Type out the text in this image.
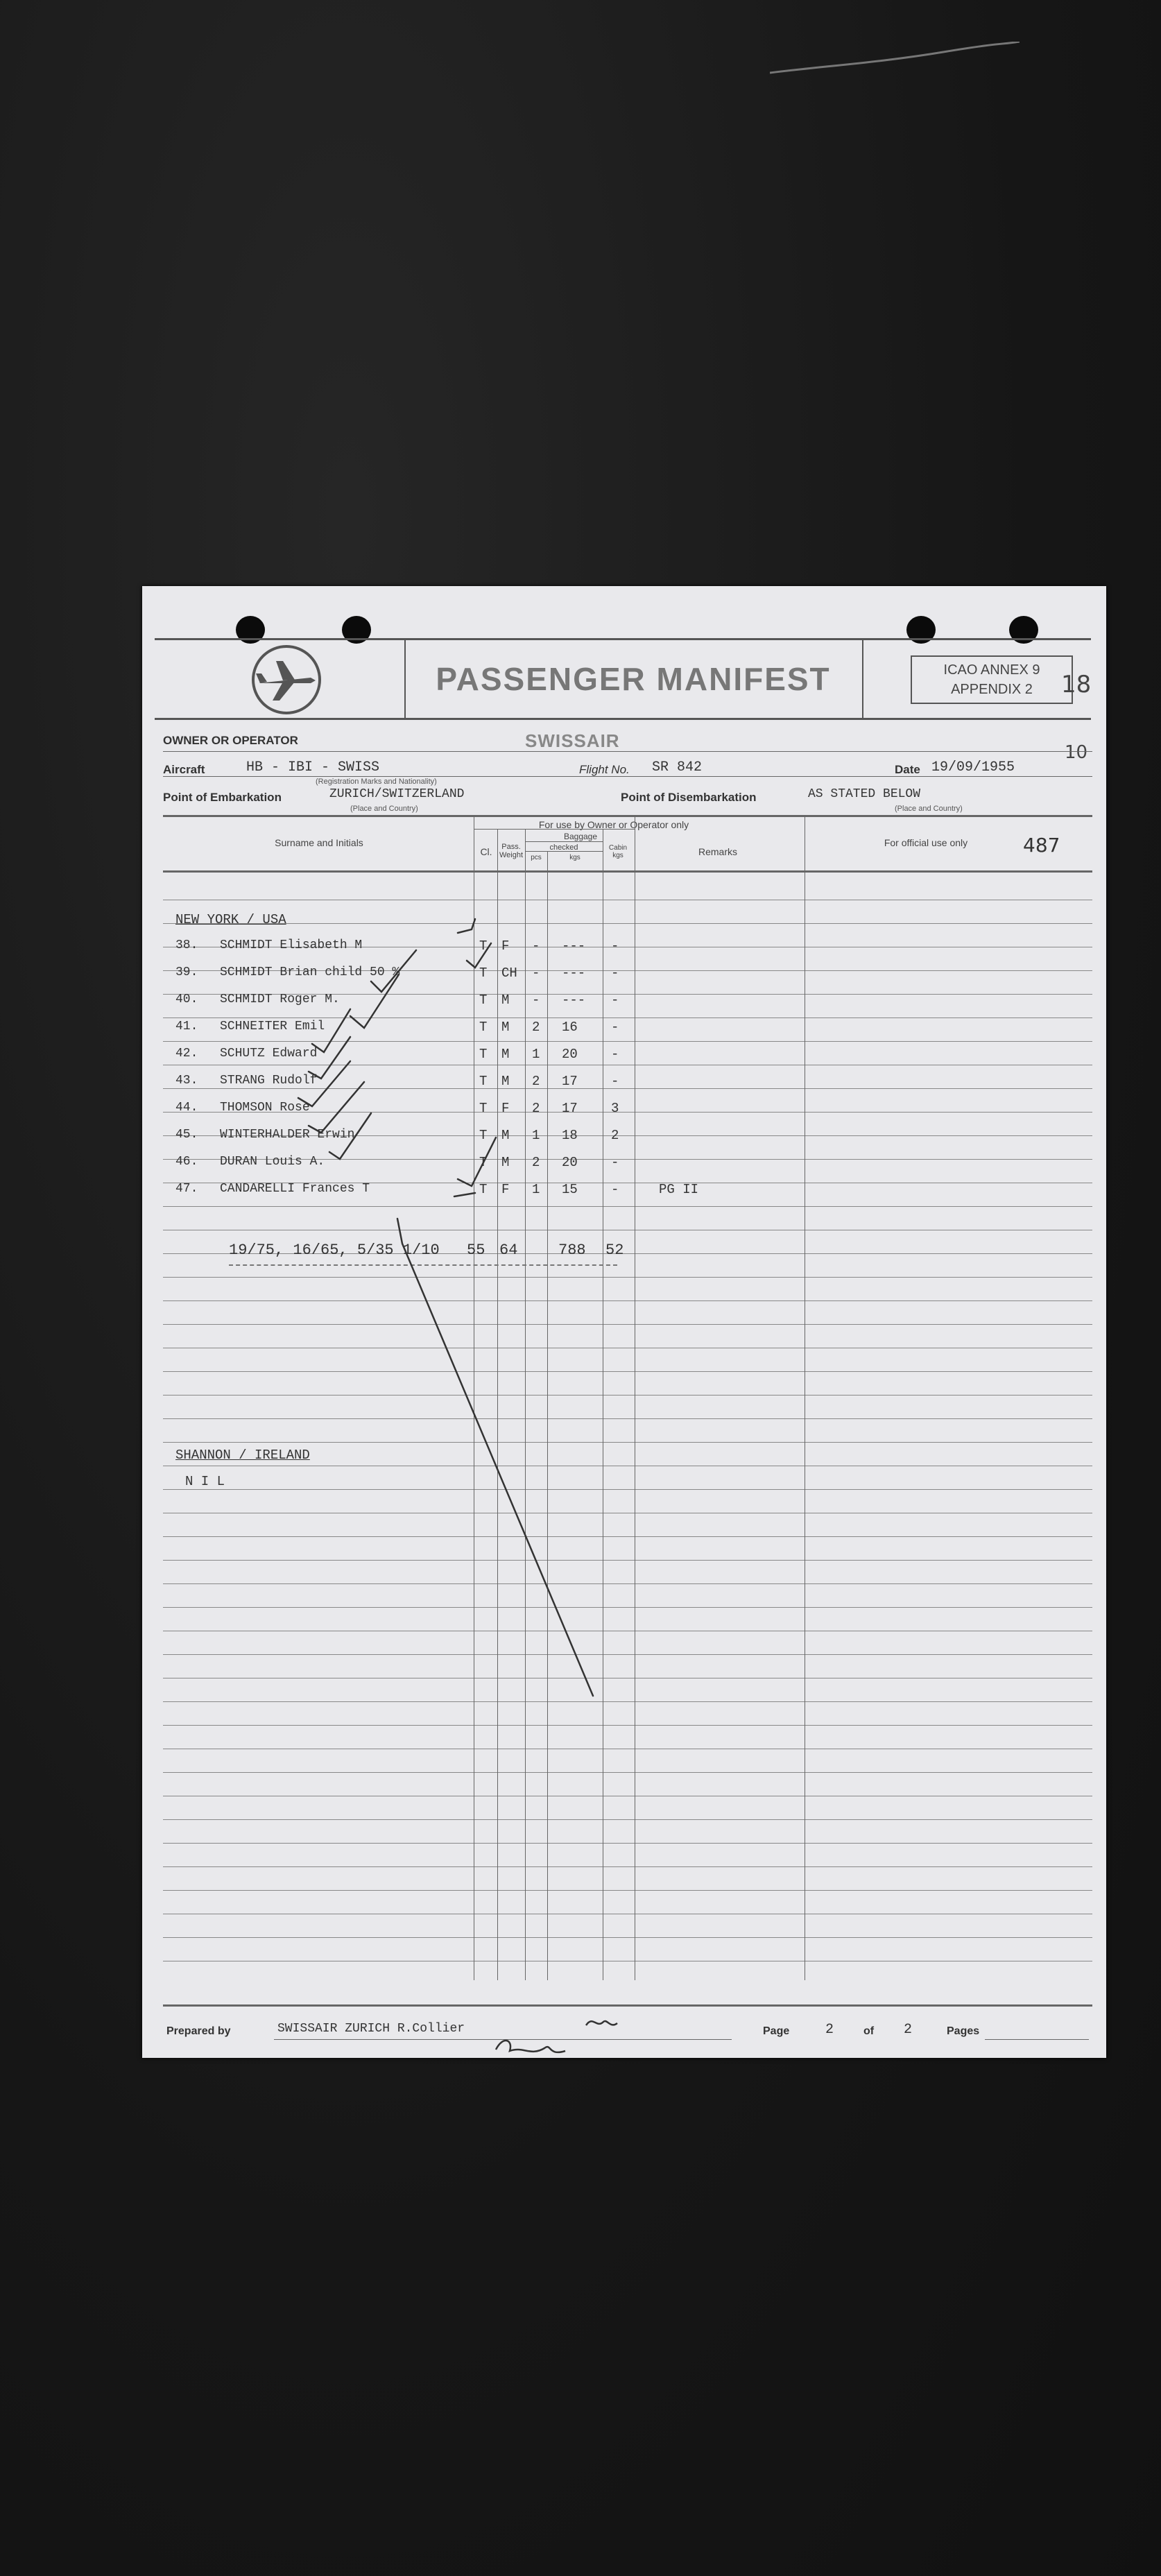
PASSENGER MANIFEST	ICAO ANNEX 9
APPENDIX 2	18
10
OWNER OR OPERATOR	SWISSAIR
Aircraft	HB - IBI - SWISS
(Registration Marks and Nationality)
Flight No. SR 842	Date 19/09/1955
Point of Embarkation	ZURICH/SWITZERLAND
(Place and Country)
Point of Disembarkation	AS STATED BELOW
(Place and Country)
Surname and Initials
For use by Owner or Operator only
Cl.	Pass. Weight
Baggage
checked
pcs	kgs
Cabin kgs	Remarks
For official use only	487
NEW YORK / USA
38. SCHMIDT Elisabeth M	T F - --- -
39. SCHMIDT Brian child 50 %	T CH - --- -
40. SCHMIDT Roger M.	T M - --- -
41. SCHNEITER Emil	T M 2 16	-
42. SCHUTZ Edward	T M 1 20	-
43. STRANG Rudolf	T M 2 17	-
44. THOMSON Rose	T F 2 17	3
45. WINTERHALDER Erwin	T M 1 18	2
46. DURAN Louis A.	T M 2 20	-
47. CANDARELLI Frances T	T F 1 15	-	PG II
19/75, 16/65, 5/35 1/10 55 64	788 52
SHANNON / IRELAND
N I L
Prepared by	SWISSAIR ZURICH R.Collier	Page	2	of 2	Pages
